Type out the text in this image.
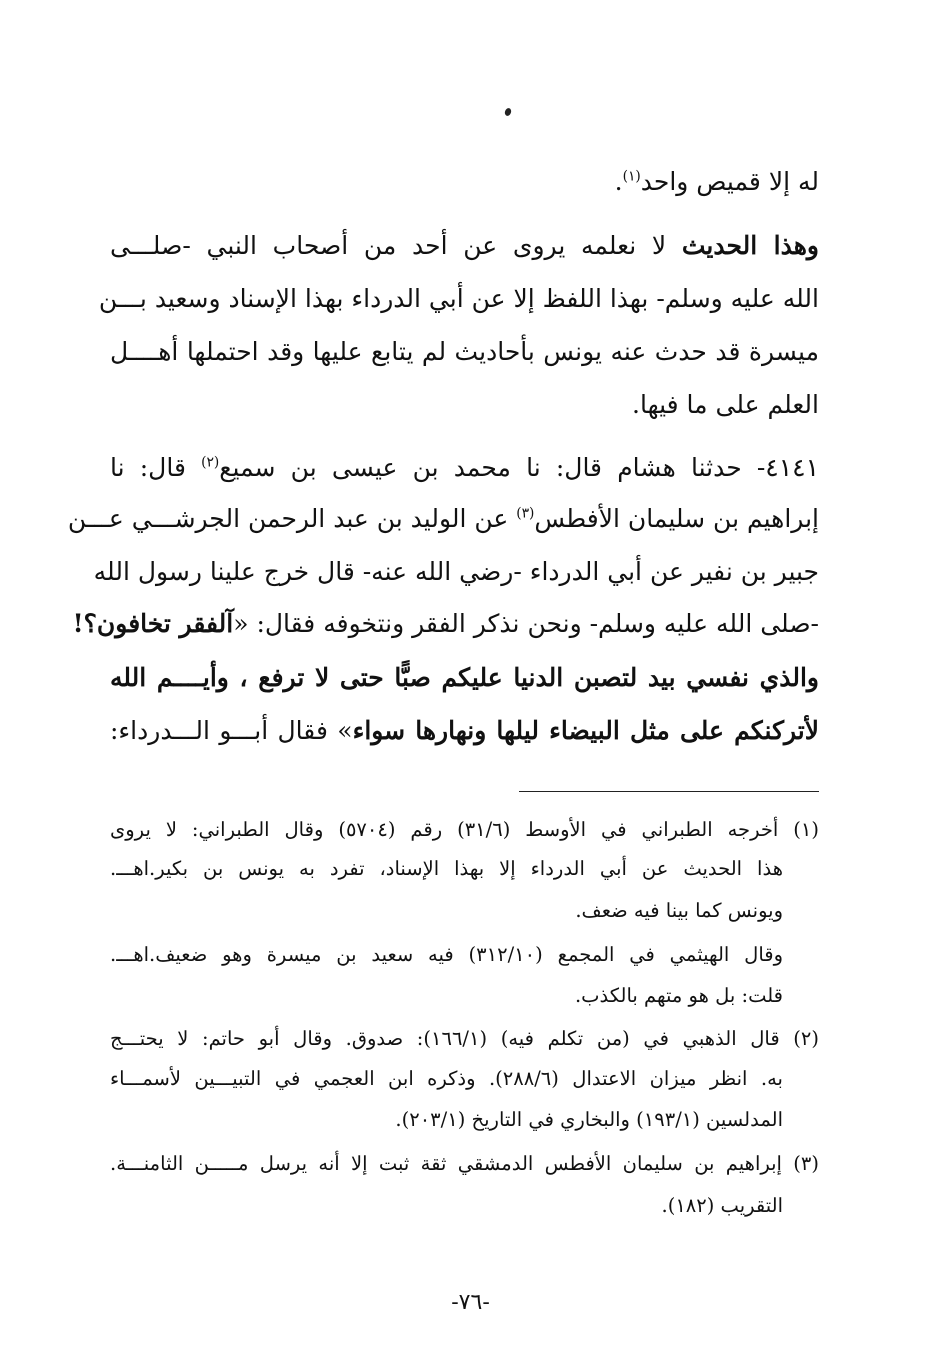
له إلا قميص واحد$^{(١)}$.
وهذا الحديث لا نعلمه يروى عن أحد من أصحاب النبي -صلـــى
الله عليه وسلم- بهذا اللفظ إلا عن أبي الدرداء بهذا الإسناد وسعيد بـــن
ميسرة قد حدث عنه يونس بأحاديث لم يتابع عليها وقد احتملها أهــــل
العلم على ما فيها.
٤١٤١- حدثنا هشام قال: نا محمد بن عيسى بن سميع$^{(٢)}$ قال: نا
إبراهيم بن سليمان الأفطس$^{(٣)}$ عن الوليد بن عبد الرحمن الجرشـــي عـــن
جبير بن نفير عن أبي الدرداء -رضي الله عنه- قال خرج علينا رسول الله
-صلى الله عليه وسلم- ونحن نذكر الفقر ونتخوفه فقال: «آلفقر تخافون؟!
والذي نفسي بيد لتصبن الدنيا عليكم صبًّا حتى لا ترفع ، وأيــــم الله
لأتركنكم على مثل البيضاء ليلها ونهارها سواء» فقال أبـــو الـــدرداء:
(١) أخرجه الطبراني في الأوسط (٣١/٦) رقم (٥٧٠٤) وقال الطبراني: لا يروى
هذا الحديث عن أبي الدرداء إلا بهذا الإسناد، تفرد به يونس بن بكير.اهـــ.
ويونس كما بينا فيه ضعف.
وقال الهيثمي في المجمع (٣١٢/١٠) فيه سعيد بن ميسرة وهو ضعيف.اهـــ.
قلت: بل هو متهم بالكذب.
(٢) قال الذهبي في (من تكلم فيه) (١٦٦/١): صدوق. وقال أبو حاتم: لا يحتـــج
به. انظر ميزان الاعتدال (٢٨٨/٦). وذكره ابن العجمي في التبيـــين لأسمـــاء
المدلسين (١٩٣/١) والبخاري في التاريخ (٢٠٣/١).
(٣) إبراهيم بن سليمان الأفطس الدمشقي ثقة ثبت إلا أنه يرسل مـــــن الثامنـــة.
التقريب (١٨٢).
-٧٦-
